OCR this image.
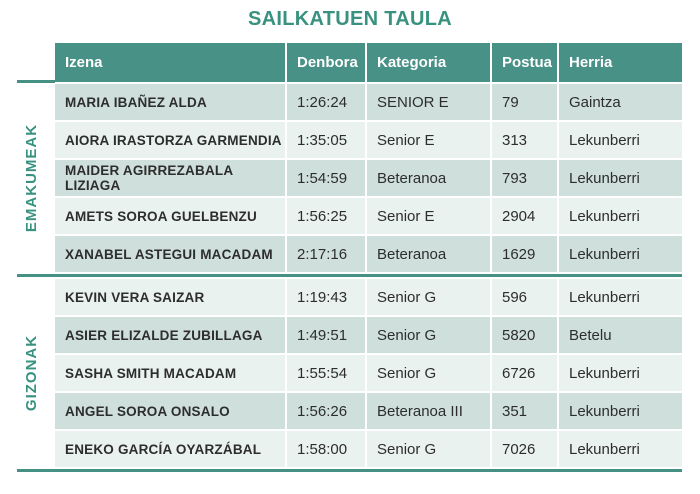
SAILKATUEN TAULA
EMAKUMEAK
GIZONAK
Izena	Denbora	Kategoria	Postua	Herria
MARIA IBAÑEZ ALDA	1:26:24	SENIOR E	79	Gaintza
AIORA IRASTORZA GARMENDIA	1:35:05	Senior E	313	Lekunberri
MAIDER AGIRREZABALA LIZIAGA	1:54:59	Beteranoa	793	Lekunberri
AMETS SOROA GUELBENZU	1:56:25	Senior E	2904	Lekunberri
XANABEL ASTEGUI MACADAM	2:17:16	Beteranoa	1629	Lekunberri
KEVIN VERA SAIZAR	1:19:43	Senior G	596	Lekunberri
ASIER ELIZALDE ZUBILLAGA	1:49:51	Senior G	5820	Betelu
SASHA SMITH MACADAM	1:55:54	Senior G	6726	Lekunberri
ANGEL SOROA ONSALO	1:56:26	Beteranoa III	351	Lekunberri
ENEKO GARCÍA OYARZÁBAL	1:58:00	Senior G	7026	Lekunberri
